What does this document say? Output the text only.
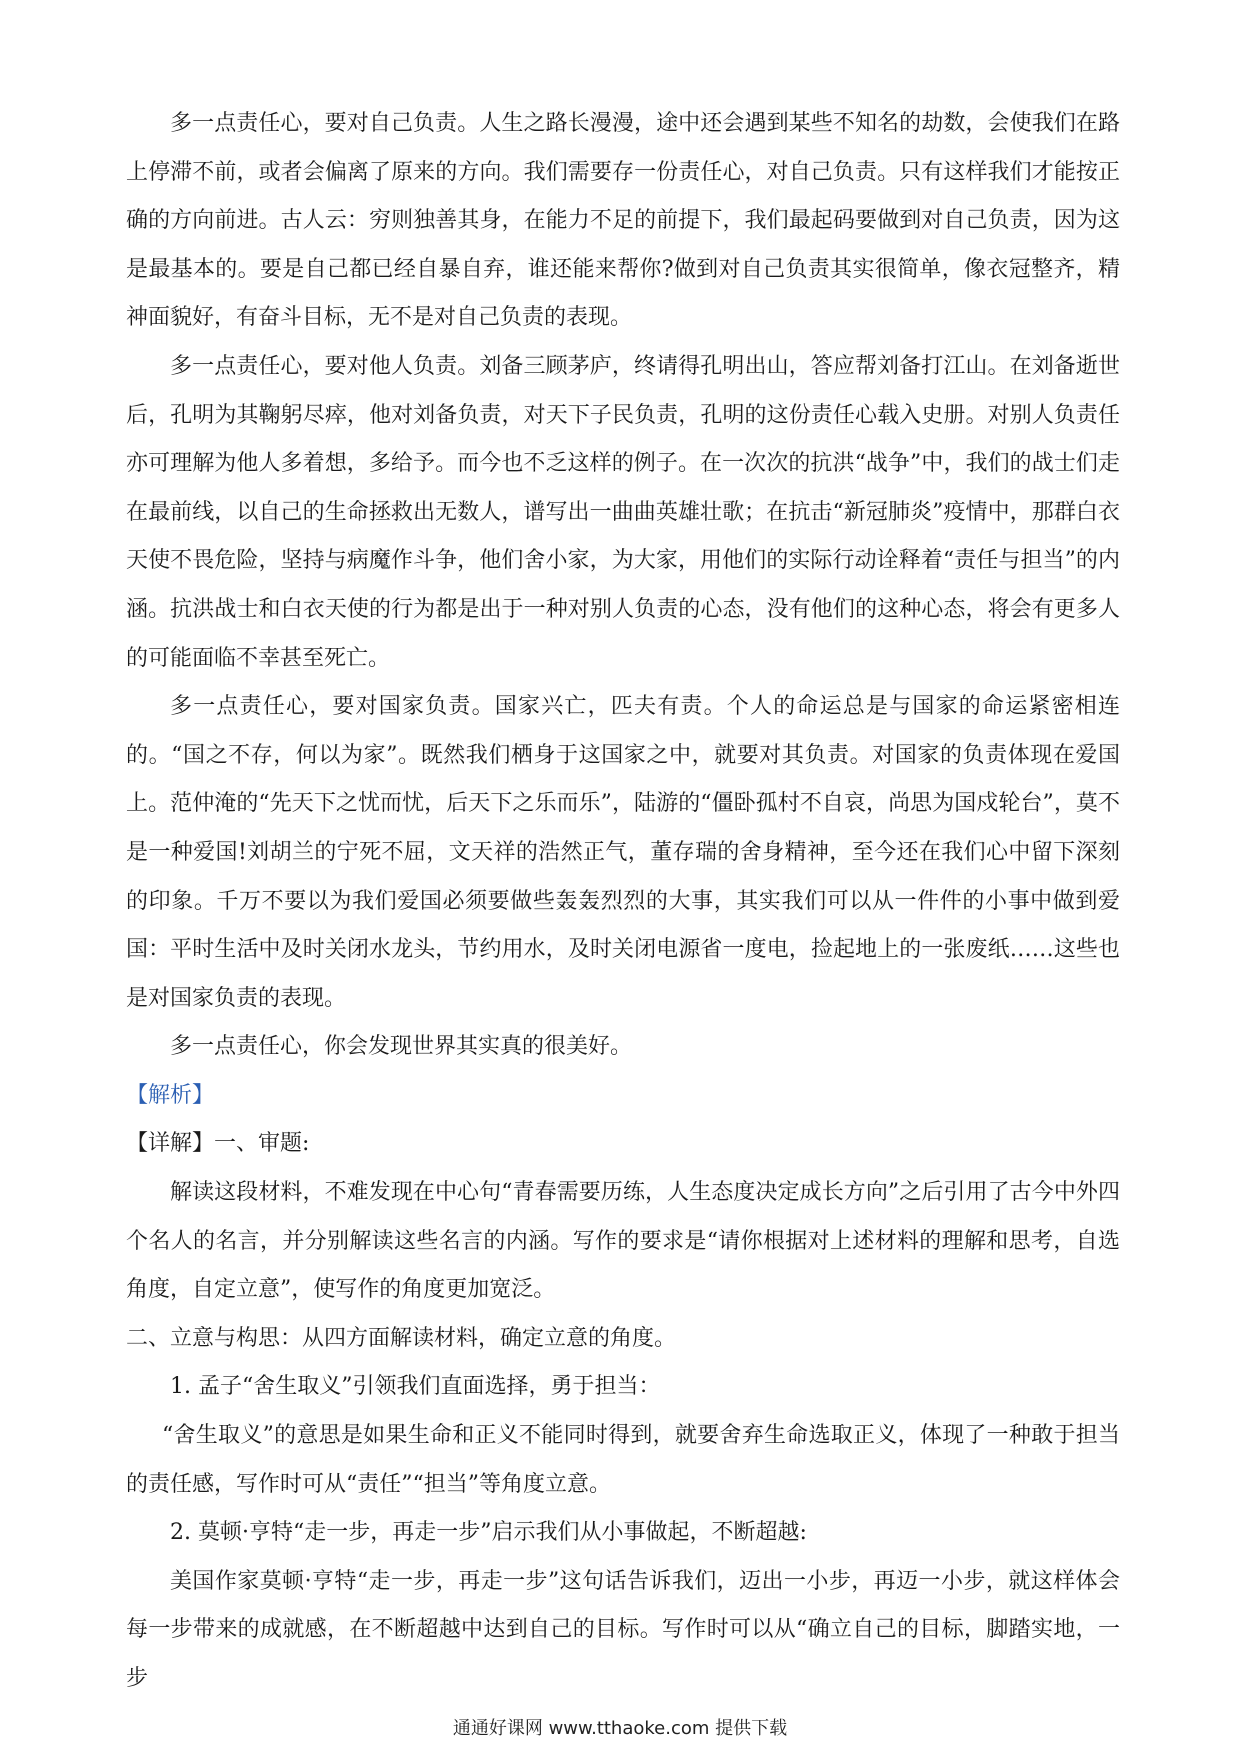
多一点责任心，要对自己负责。人生之路长漫漫，途中还会遇到某些不知名的劫数，会使我们在路上停滞不前，或者会偏离了原来的方向。我们需要存一份责任心，对自己负责。只有这样我们才能按正确的方向前进。古人云：穷则独善其身，在能力不足的前提下，我们最起码要做到对自己负责，因为这是最基本的。要是自己都已经自暴自弃，谁还能来帮你?做到对自己负责其实很简单，像衣冠整齐，精神面貌好，有奋斗目标，无不是对自己负责的表现。

多一点责任心，要对他人负责。刘备三顾茅庐，终请得孔明出山，答应帮刘备打江山。在刘备逝世后，孔明为其鞠躬尽瘁，他对刘备负责，对天下子民负责，孔明的这份责任心载入史册。对别人负责任亦可理解为他人多着想，多给予。而今也不乏这样的例子。在一次次的抗洪“战争”中，我们的战士们走在最前线，以自己的生命拯救出无数人，谱写出一曲曲英雄壮歌；在抗击“新冠肺炎”疫情中，那群白衣天使不畏危险，坚持与病魔作斗争，他们舍小家，为大家，用他们的实际行动诠释着“责任与担当”的内涵。抗洪战士和白衣天使的行为都是出于一种对别人负责的心态，没有他们的这种心态，将会有更多人的可能面临不幸甚至死亡。

多一点责任心，要对国家负责。国家兴亡，匹夫有责。个人的命运总是与国家的命运紧密相连的。“国之不存，何以为家”。既然我们栖身于这国家之中，就要对其负责。对国家的负责体现在爱国上。范仲淹的“先天下之忧而忧，后天下之乐而乐”，陆游的“僵卧孤村不自哀，尚思为国戍轮台”，莫不是一种爱国!刘胡兰的宁死不屈，文天祥的浩然正气，董存瑞的舍身精神，至今还在我们心中留下深刻的印象。千万不要以为我们爱国必须要做些轰轰烈烈的大事，其实我们可以从一件件的小事中做到爱国：平时生活中及时关闭水龙头，节约用水，及时关闭电源省一度电，捡起地上的一张废纸……这些也是对国家负责的表现。

多一点责任心，你会发现世界其实真的很美好。

【解析】

【详解】一、审题:

解读这段材料，不难发现在中心句“青春需要历练，人生态度决定成长方向”之后引用了古今中外四个名人的名言，并分别解读这些名言的内涵。写作的要求是“请你根据对上述材料的理解和思考，自选角度，自定立意”，使写作的角度更加宽泛。

二、立意与构思：从四方面解读材料，确定立意的角度。

1. 孟子“舍生取义”引领我们直面选择，勇于担当：

“舍生取义”的意思是如果生命和正义不能同时得到，就要舍弃生命选取正义，体现了一种敢于担当的责任感，写作时可从“责任”“担当”等角度立意。

2. 莫顿·亨特“走一步，再走一步”启示我们从小事做起，不断超越:

美国作家莫顿·亨特“走一步，再走一步”这句话告诉我们，迈出一小步，再迈一小步，就这样体会每一步带来的成就感，在不断超越中达到自己的目标。写作时可以从“确立自己的目标，脚踏实地，一步

通通好课网 www.tthaoke.com 提供下载
